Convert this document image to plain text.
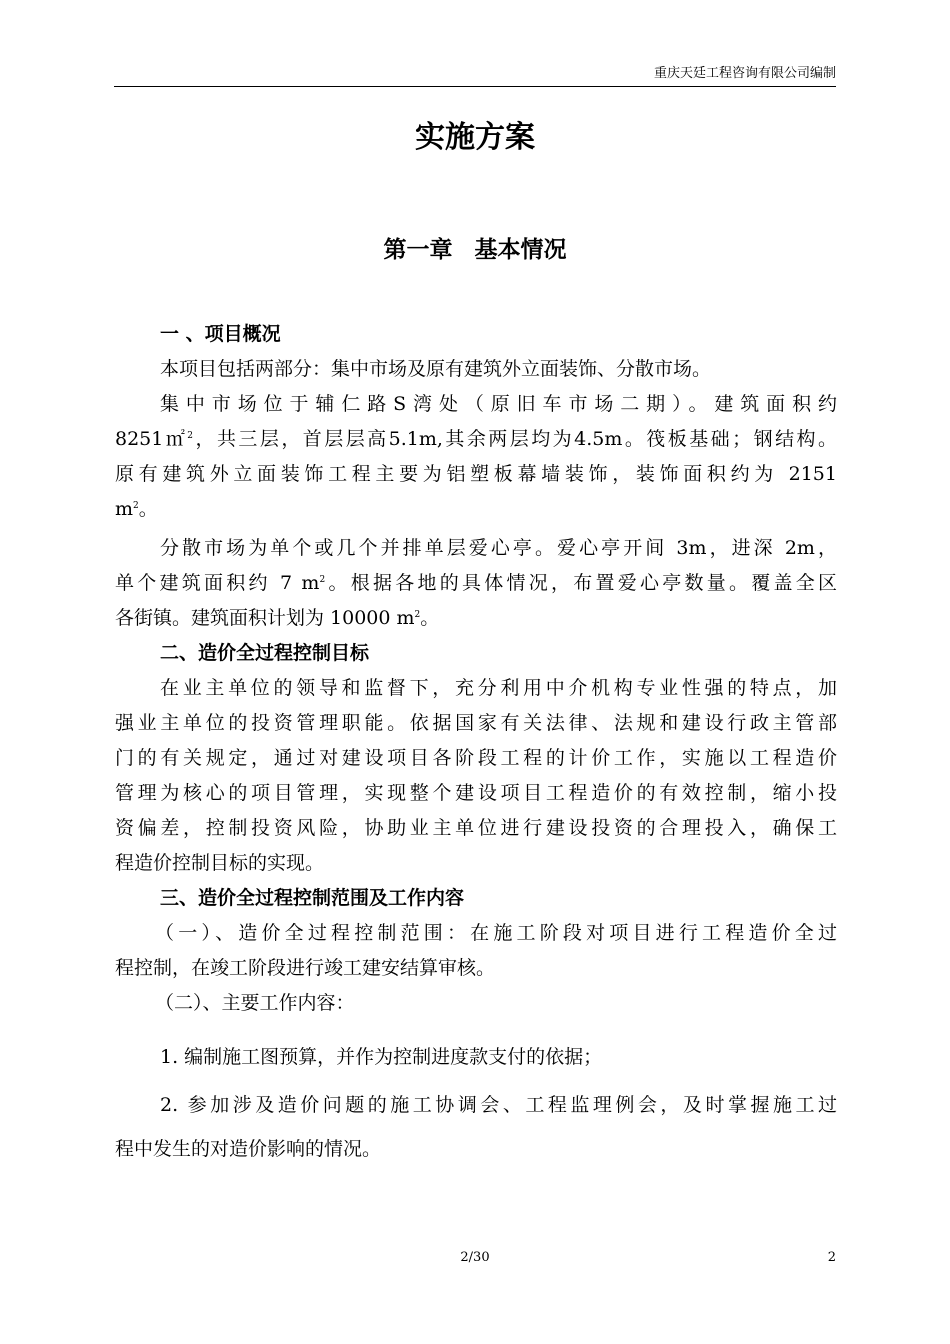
重庆天廷工程咨询有限公司编制
实施方案
第一章 基本情况
一 、项目概况
本项目包括两部分：集中市场及原有建筑外立面装饰、分散市场。
集中市场位于辅仁路S湾处（原旧车市场二期）。建筑面积约
8251㎡$^2$，共三层，首层层高5.1m,其余两层均为4.5m。筏板基础；钢结构。
原有建筑外立面装饰工程主要为铝塑板幕墙装饰，装饰面积约为 2151
$m^2$。
分散市场为单个或几个并排单层爱心亭。爱心亭开间 3m，进深 2m，
单个建筑面积约 7 $m^2$。根据各地的具体情况，布置爱心亭数量。覆盖全区
各街镇。建筑面积计划为 10000 $m^2$。
二、造价全过程控制目标
在业主单位的领导和监督下，充分利用中介机构专业性强的特点，加
强业主单位的投资管理职能。依据国家有关法律、法规和建设行政主管部
门的有关规定，通过对建设项目各阶段工程的计价工作，实施以工程造价
管理为核心的项目管理，实现整个建设项目工程造价的有效控制，缩小投
资偏差，控制投资风险，协助业主单位进行建设投资的合理投入，确保工
程造价控制目标的实现。
三、造价全过程控制范围及工作内容
（一）、造价全过程控制范围：在施工阶段对项目进行工程造价全过
程控制，在竣工阶段进行竣工建安结算审核。
（二）、主要工作内容：
1. 编制施工图预算，并作为控制进度款支付的依据；
2. 参加涉及造价问题的施工协调会、工程监理例会，及时掌握施工过
程中发生的对造价影响的情况。
2/30	2
